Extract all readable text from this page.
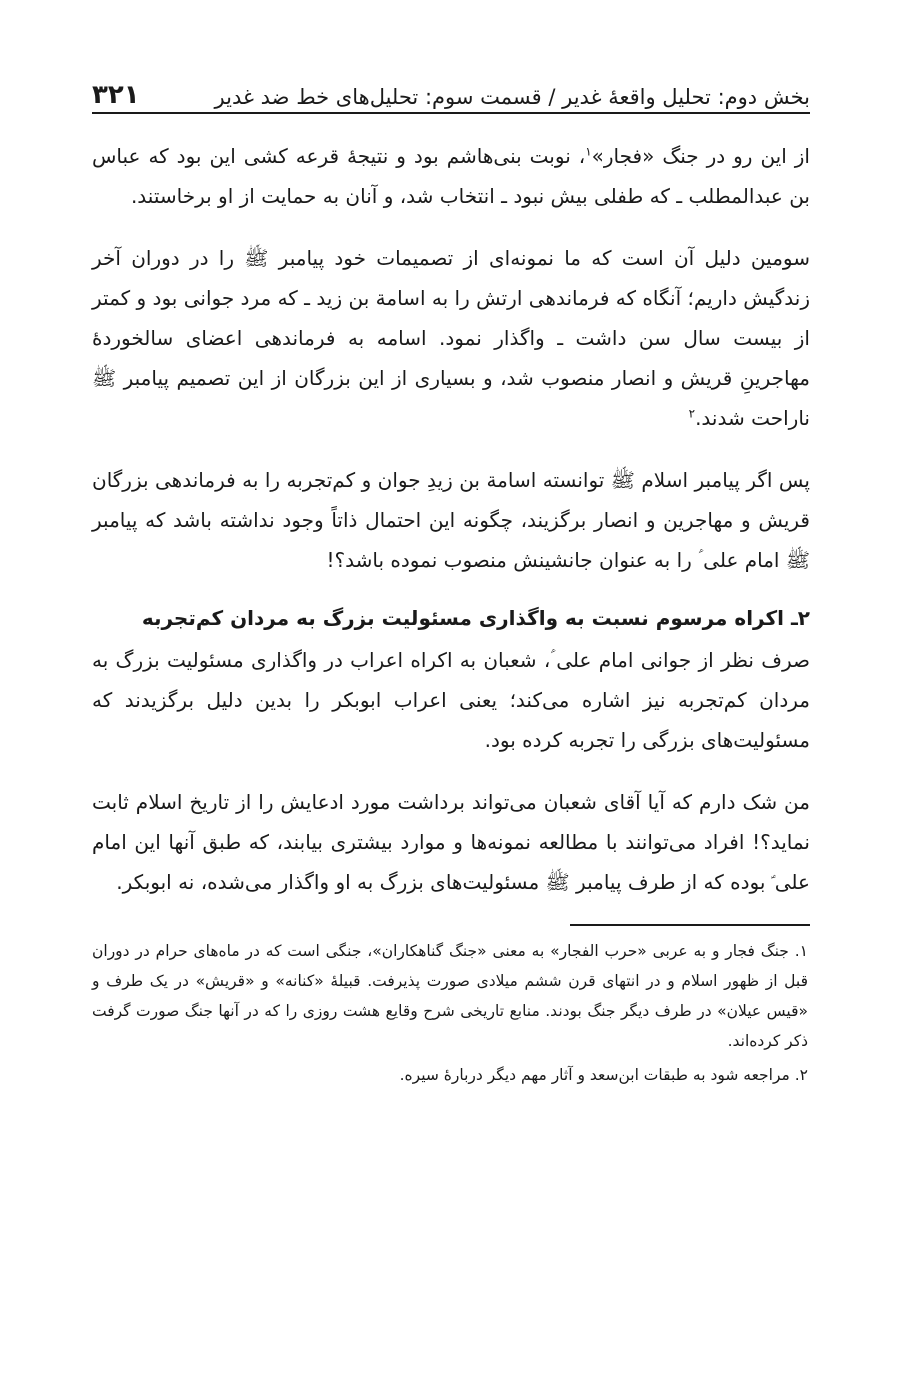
بخش دوم: تحلیل واقعهٔ غدیر / قسمت سوم: تحلیل‌های خط ضد غدیر
۳۲۱

از این رو در جنگ «فجار»$^۱$، نوبت بنی‌هاشم بود و نتیجهٔ قرعه کشی این بود که عباس بن عبدالمطلب ـ که طفلی بیش نبود ـ انتخاب شد، و آنان به حمایت از او برخاستند.

سومین دلیل آن است که ما نمونه‌ای از تصمیمات خود پیامبر ﷺ را در دوران آخر زندگیش داریم؛ آنگاه که فرماندهی ارتش را به اسامة بن زید ـ که مرد جوانی بود و کمتر از بیست سال سن داشت ـ واگذار نمود. اسامه به فرماندهی اعضای سالخوردهٔ مهاجرینِ قریش و انصار منصوب شد، و بسیاری از این بزرگان از این تصمیم پیامبر ﷺ ناراحت شدند.$^۲$

پس اگر پیامبر اسلام ﷺ توانسته اسامة بن زیدِ جوان و کم‌تجربه را به فرماندهی بزرگان قریش و مهاجرین و انصار برگزیند، چگونه این احتمال ذاتاً وجود نداشته باشد که پیامبر ﷺ امام علی ؑ را به عنوان جانشینش منصوب نموده باشد؟!

۲ـ اکراه مرسوم نسبت به واگذاری مسئولیت بزرگ به مردان کم‌تجربه

صرف نظر از جوانی امام علی ؑ، شعبان به اکراه اعراب در واگذاری مسئولیت بزرگ به مردان کم‌تجربه نیز اشاره می‌کند؛ یعنی اعراب ابوبکر را بدین دلیل برگزیدند که مسئولیت‌های بزرگی را تجربه کرده بود.

من شک دارم که آیا آقای شعبان می‌تواند برداشت مورد ادعایش را از تاریخ اسلام ثابت نماید؟! افراد می‌توانند با مطالعه نمونه‌ها و موارد بیشتری بیابند، که طبق آنها این امام علی ؑ بوده که از طرف پیامبر ﷺ مسئولیت‌های بزرگ به او واگذار می‌شده، نه ابوبکر.

۱. جنگ فجار و به عربی «حرب الفجار» به معنی «جنگ گناهکاران»، جنگی است که در ماه‌های حرام در دوران قبل از ظهور اسلام و در انتهای قرن ششم میلادی صورت پذیرفت. قبیلهٔ «کنانه» و «قریش» در یک طرف و «قیس عیلان» در طرف دیگر جنگ بودند. منابع تاریخی شرح وقایع هشت روزی را که در آنها جنگ صورت گرفت ذکر کرده‌اند.

۲. مراجعه شود به طبقات ابن‌سعد و آثار مهم دیگر دربارهٔ سیره.
